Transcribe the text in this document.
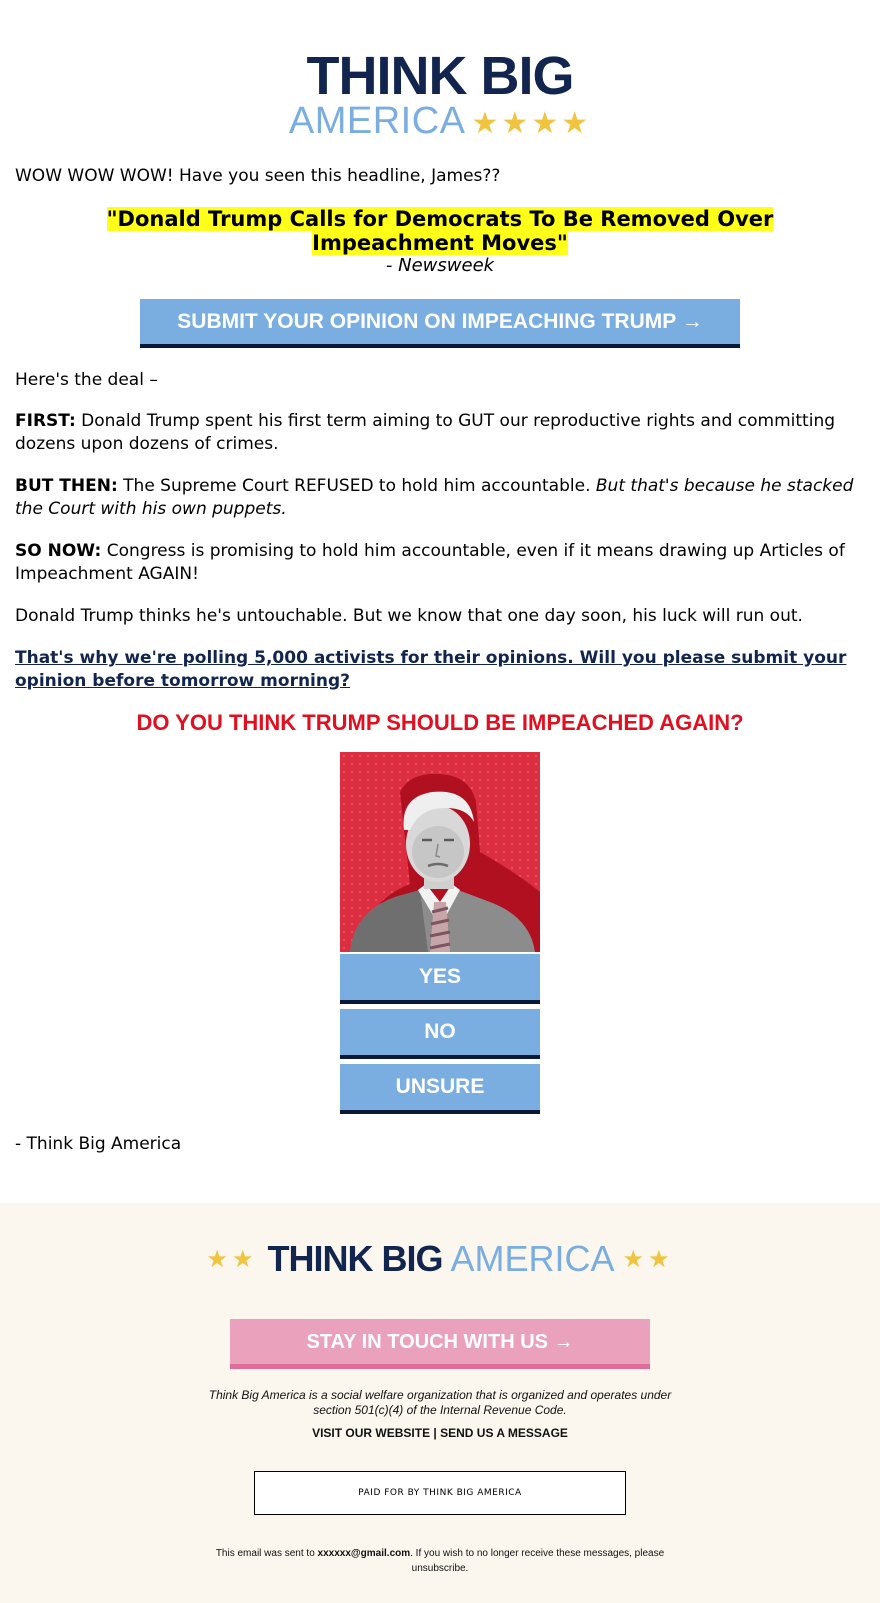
THINK BIG
AMERICA ★★★★
WOW WOW WOW! Have you seen this headline, James??
"Donald Trump Calls for Democrats To Be Removed Over Impeachment Moves"
- Newsweek
SUBMIT YOUR OPINION ON IMPEACHING TRUMP →
Here's the deal –
FIRST: Donald Trump spent his first term aiming to GUT our reproductive rights and committing dozens upon dozens of crimes.
BUT THEN: The Supreme Court REFUSED to hold him accountable. But that's because he stacked the Court with his own puppets.
SO NOW: Congress is promising to hold him accountable, even if it means drawing up Articles of Impeachment AGAIN!
Donald Trump thinks he's untouchable. But we know that one day soon, his luck will run out.
That's why we're polling 5,000 activists for their opinions. Will you please submit your opinion before tomorrow morning?
DO YOU THINK TRUMP SHOULD BE IMPEACHED AGAIN?
YES
NO
UNSURE
- Think Big America
★★ THINK BIG AMERICA ★★
STAY IN TOUCH WITH US →
Think Big America is a social welfare organization that is organized and operates under
section 501(c)(4) of the Internal Revenue Code.
VISIT OUR WEBSITE | SEND US A MESSAGE
PAID FOR BY THINK BIG AMERICA
This email was sent to xxxxxx@gmail.com. If you wish to no longer receive these messages, please
unsubscribe.
